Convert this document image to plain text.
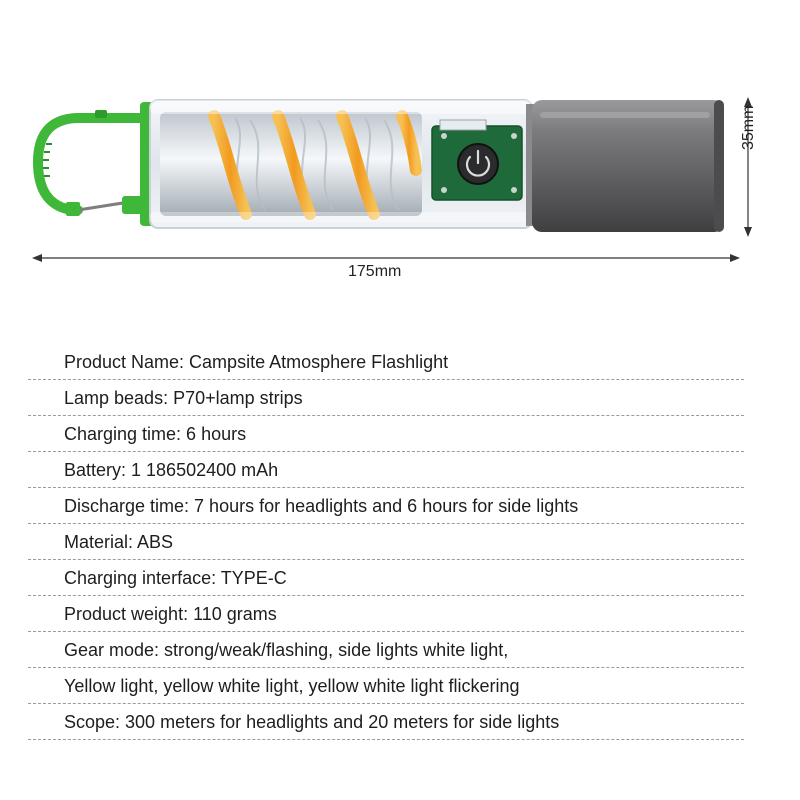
175mm
35mm
Product Name: Campsite Atmosphere Flashlight
Lamp beads: P70+lamp strips
Charging time: 6 hours
Battery: 1 186502400 mAh
Discharge time: 7 hours for headlights and 6 hours for side lights
Material: ABS
Charging interface: TYPE-C
Product weight: 110 grams
Gear mode: strong/weak/flashing, side lights white light,
Yellow light, yellow white light, yellow white light flickering
Scope: 300 meters for headlights and 20 meters for side lights
